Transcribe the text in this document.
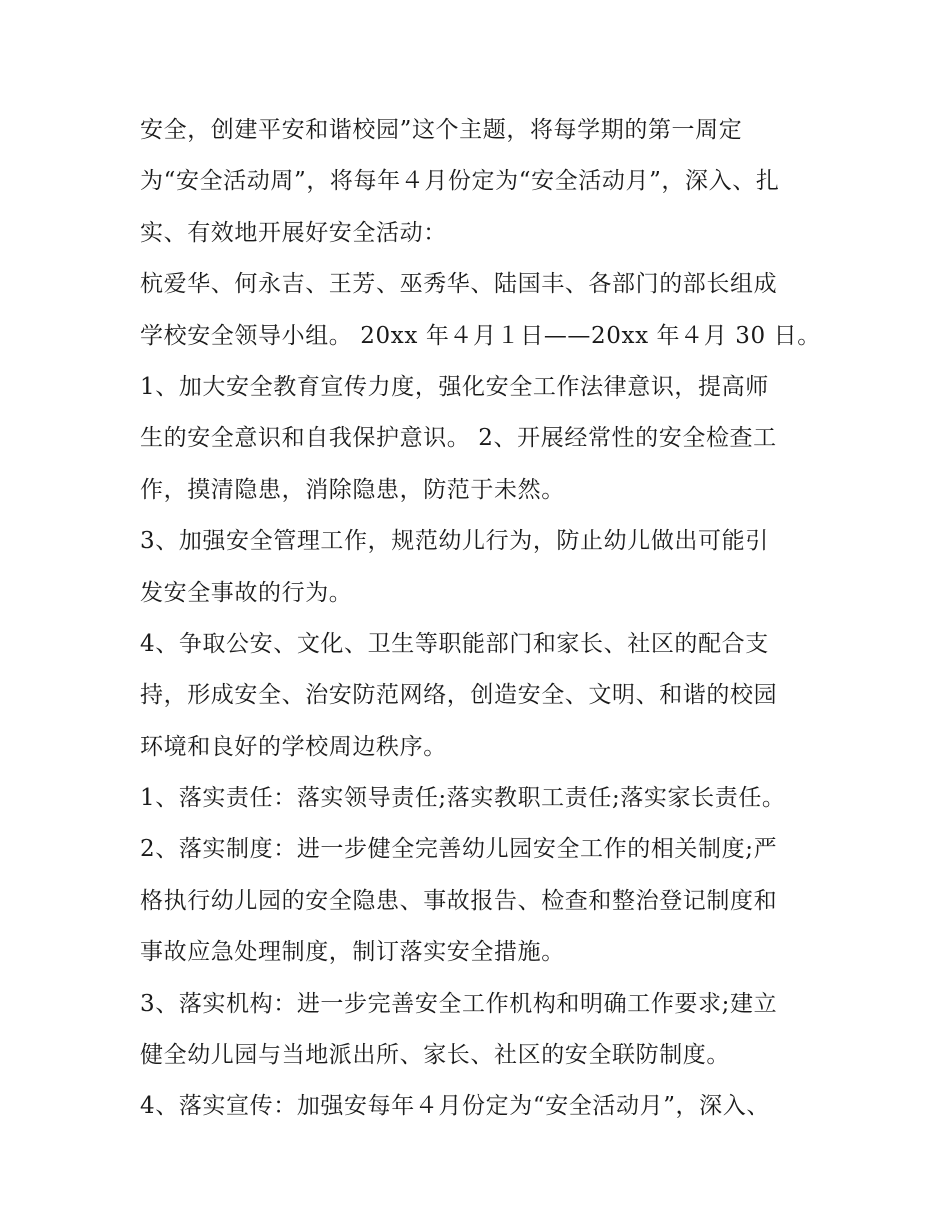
安全，创建平安和谐校园”这个主题，将每学期的第一周定
为“安全活动周”，将每年４月份定为“安全活动月”，深入、扎
实、有效地开展好安全活动：
杭爱华、何永吉、王芳、巫秀华、陆国丰、各部门的部长组成
学校安全领导小组。 20xx 年４月１日——20xx 年４月 30 日。
1、加大安全教育宣传力度，强化安全工作法律意识，提高师
生的安全意识和自我保护意识。 2、开展经常性的安全检查工
作，摸清隐患，消除隐患，防范于未然。
3、加强安全管理工作，规范幼儿行为，防止幼儿做出可能引
发安全事故的行为。
4、争取公安、文化、卫生等职能部门和家长、社区的配合支
持，形成安全、治安防范网络，创造安全、文明、和谐的校园
环境和良好的学校周边秩序。
1、落实责任：落实领导责任;落实教职工责任;落实家长责任。
2、落实制度：进一步健全完善幼儿园安全工作的相关制度;严
格执行幼儿园的安全隐患、事故报告、检查和整治登记制度和
事故应急处理制度，制订落实安全措施。
3、落实机构：进一步完善安全工作机构和明确工作要求;建立
健全幼儿园与当地派出所、家长、社区的安全联防制度。
4、落实宣传：加强安每年４月份定为“安全活动月”，深入、
